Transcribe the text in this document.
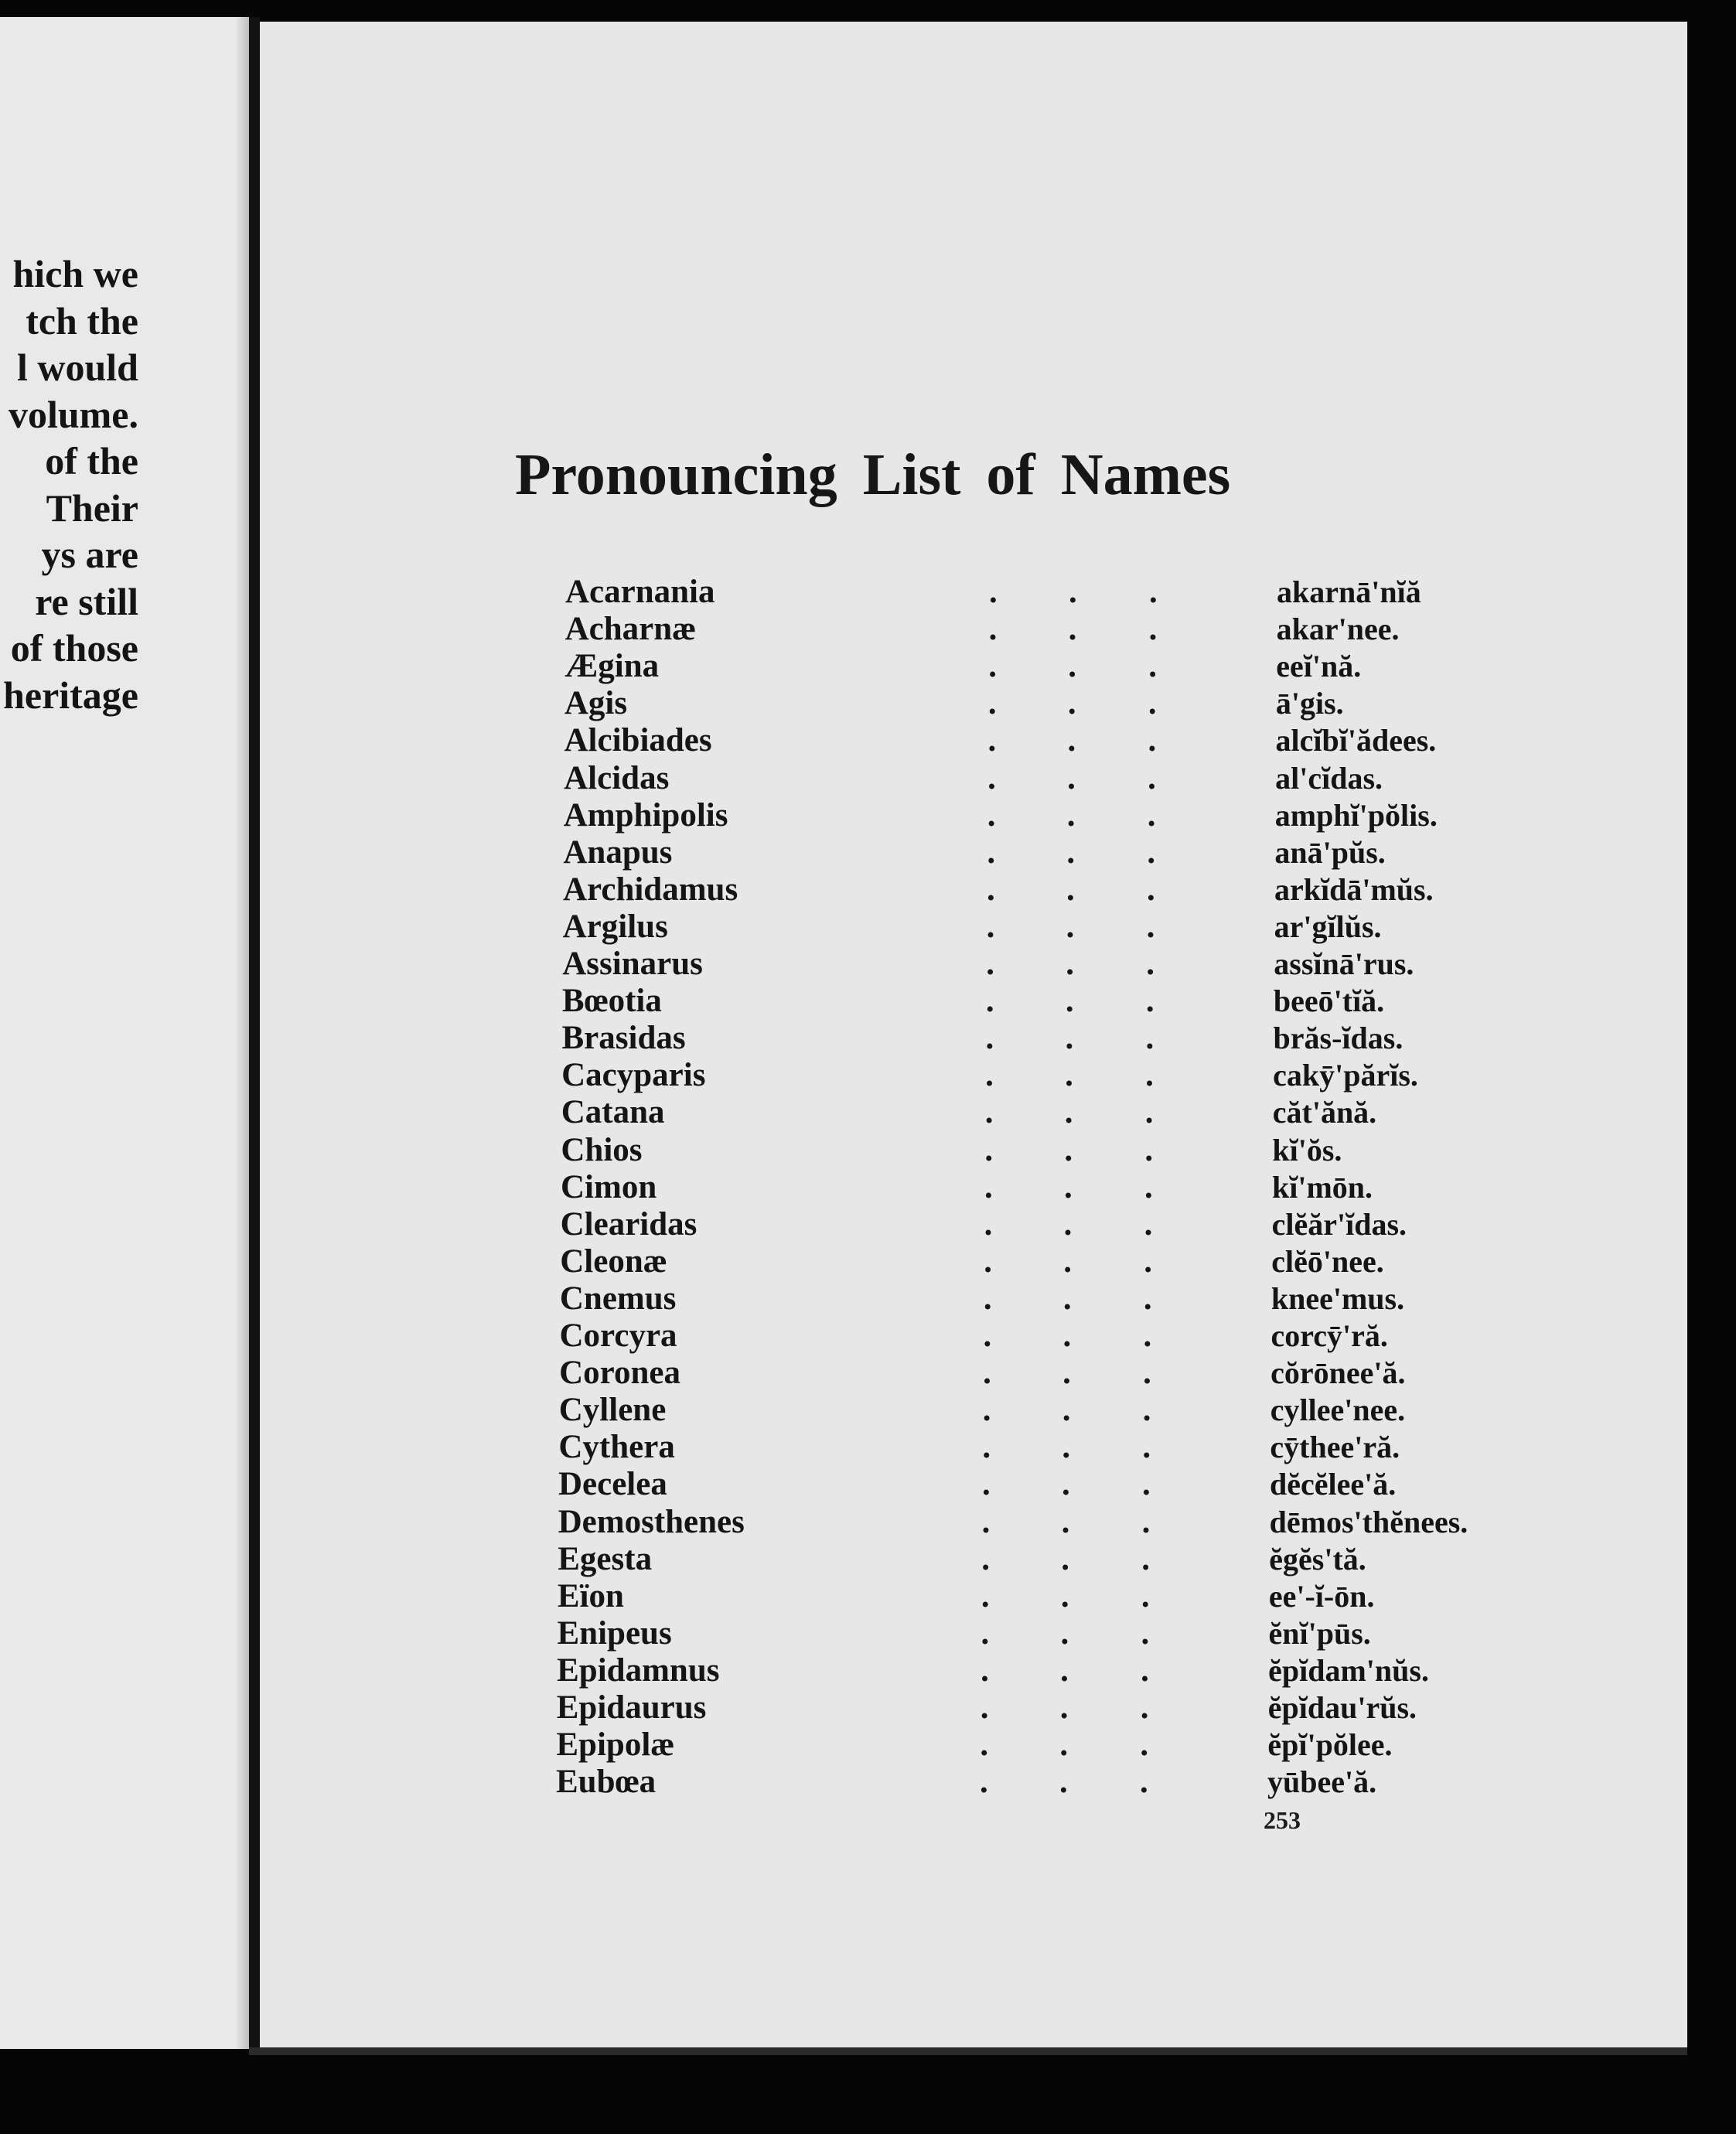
hich we
tch the
l would
volume.
of the
Their
ys are
re still
of those
heritage
Pronouncing List of Names
Acarnania	. . .	akarnā'nĭă
Acharnæ	. . .	akar'nee.
Ægina	. . .	eeĭ'nă.
Agis	. . .	ā'gis.
Alcibiades	. . .	alcĭbĭ'ădees.
Alcidas	. . .	al'cĭdas.
Amphipolis	. . .	amphĭ'pŏlis.
Anapus	. . .	anā'pŭs.
Archidamus	. . .	arkĭdā'mŭs.
Argilus	. . .	ar'gĭlŭs.
Assinarus	. . .	assĭnā'rus.
Bœotia	. . .	beeō'tĭă.
Brasidas	. . .	brăs-ĭdas.
Cacyparis	. . .	cakȳ'părĭs.
Catana	. . .	căt'ănă.
Chios	. . .	kĭ'ŏs.
Cimon	. . .	kĭ'mōn.
Clearidas	. . .	clĕăr'ĭdas.
Cleonæ	. . .	clĕō'nee.
Cnemus	. . .	knee'mus.
Corcyra	. . .	corcȳ'ră.
Coronea	. . .	cŏrōnee'ă.
Cyllene	. . .	cyllee'nee.
Cythera	. . .	cȳthee'ră.
Decelea	. . .	dĕcĕlee'ă.
Demosthenes	. . .	dēmos'thĕnees.
Egesta	. . .	ĕgĕs'tă.
Eïon	. . .	ee'-ĭ-ōn.
Enipeus	. . .	ĕnĭ'pūs.
Epidamnus	. . .	ĕpĭdam'nŭs.
Epidaurus	. . .	ĕpĭdau'rŭs.
Epipolæ	. . .	ĕpĭ'pŏlee.
Eubœa	. . .	yūbee'ă.
253
